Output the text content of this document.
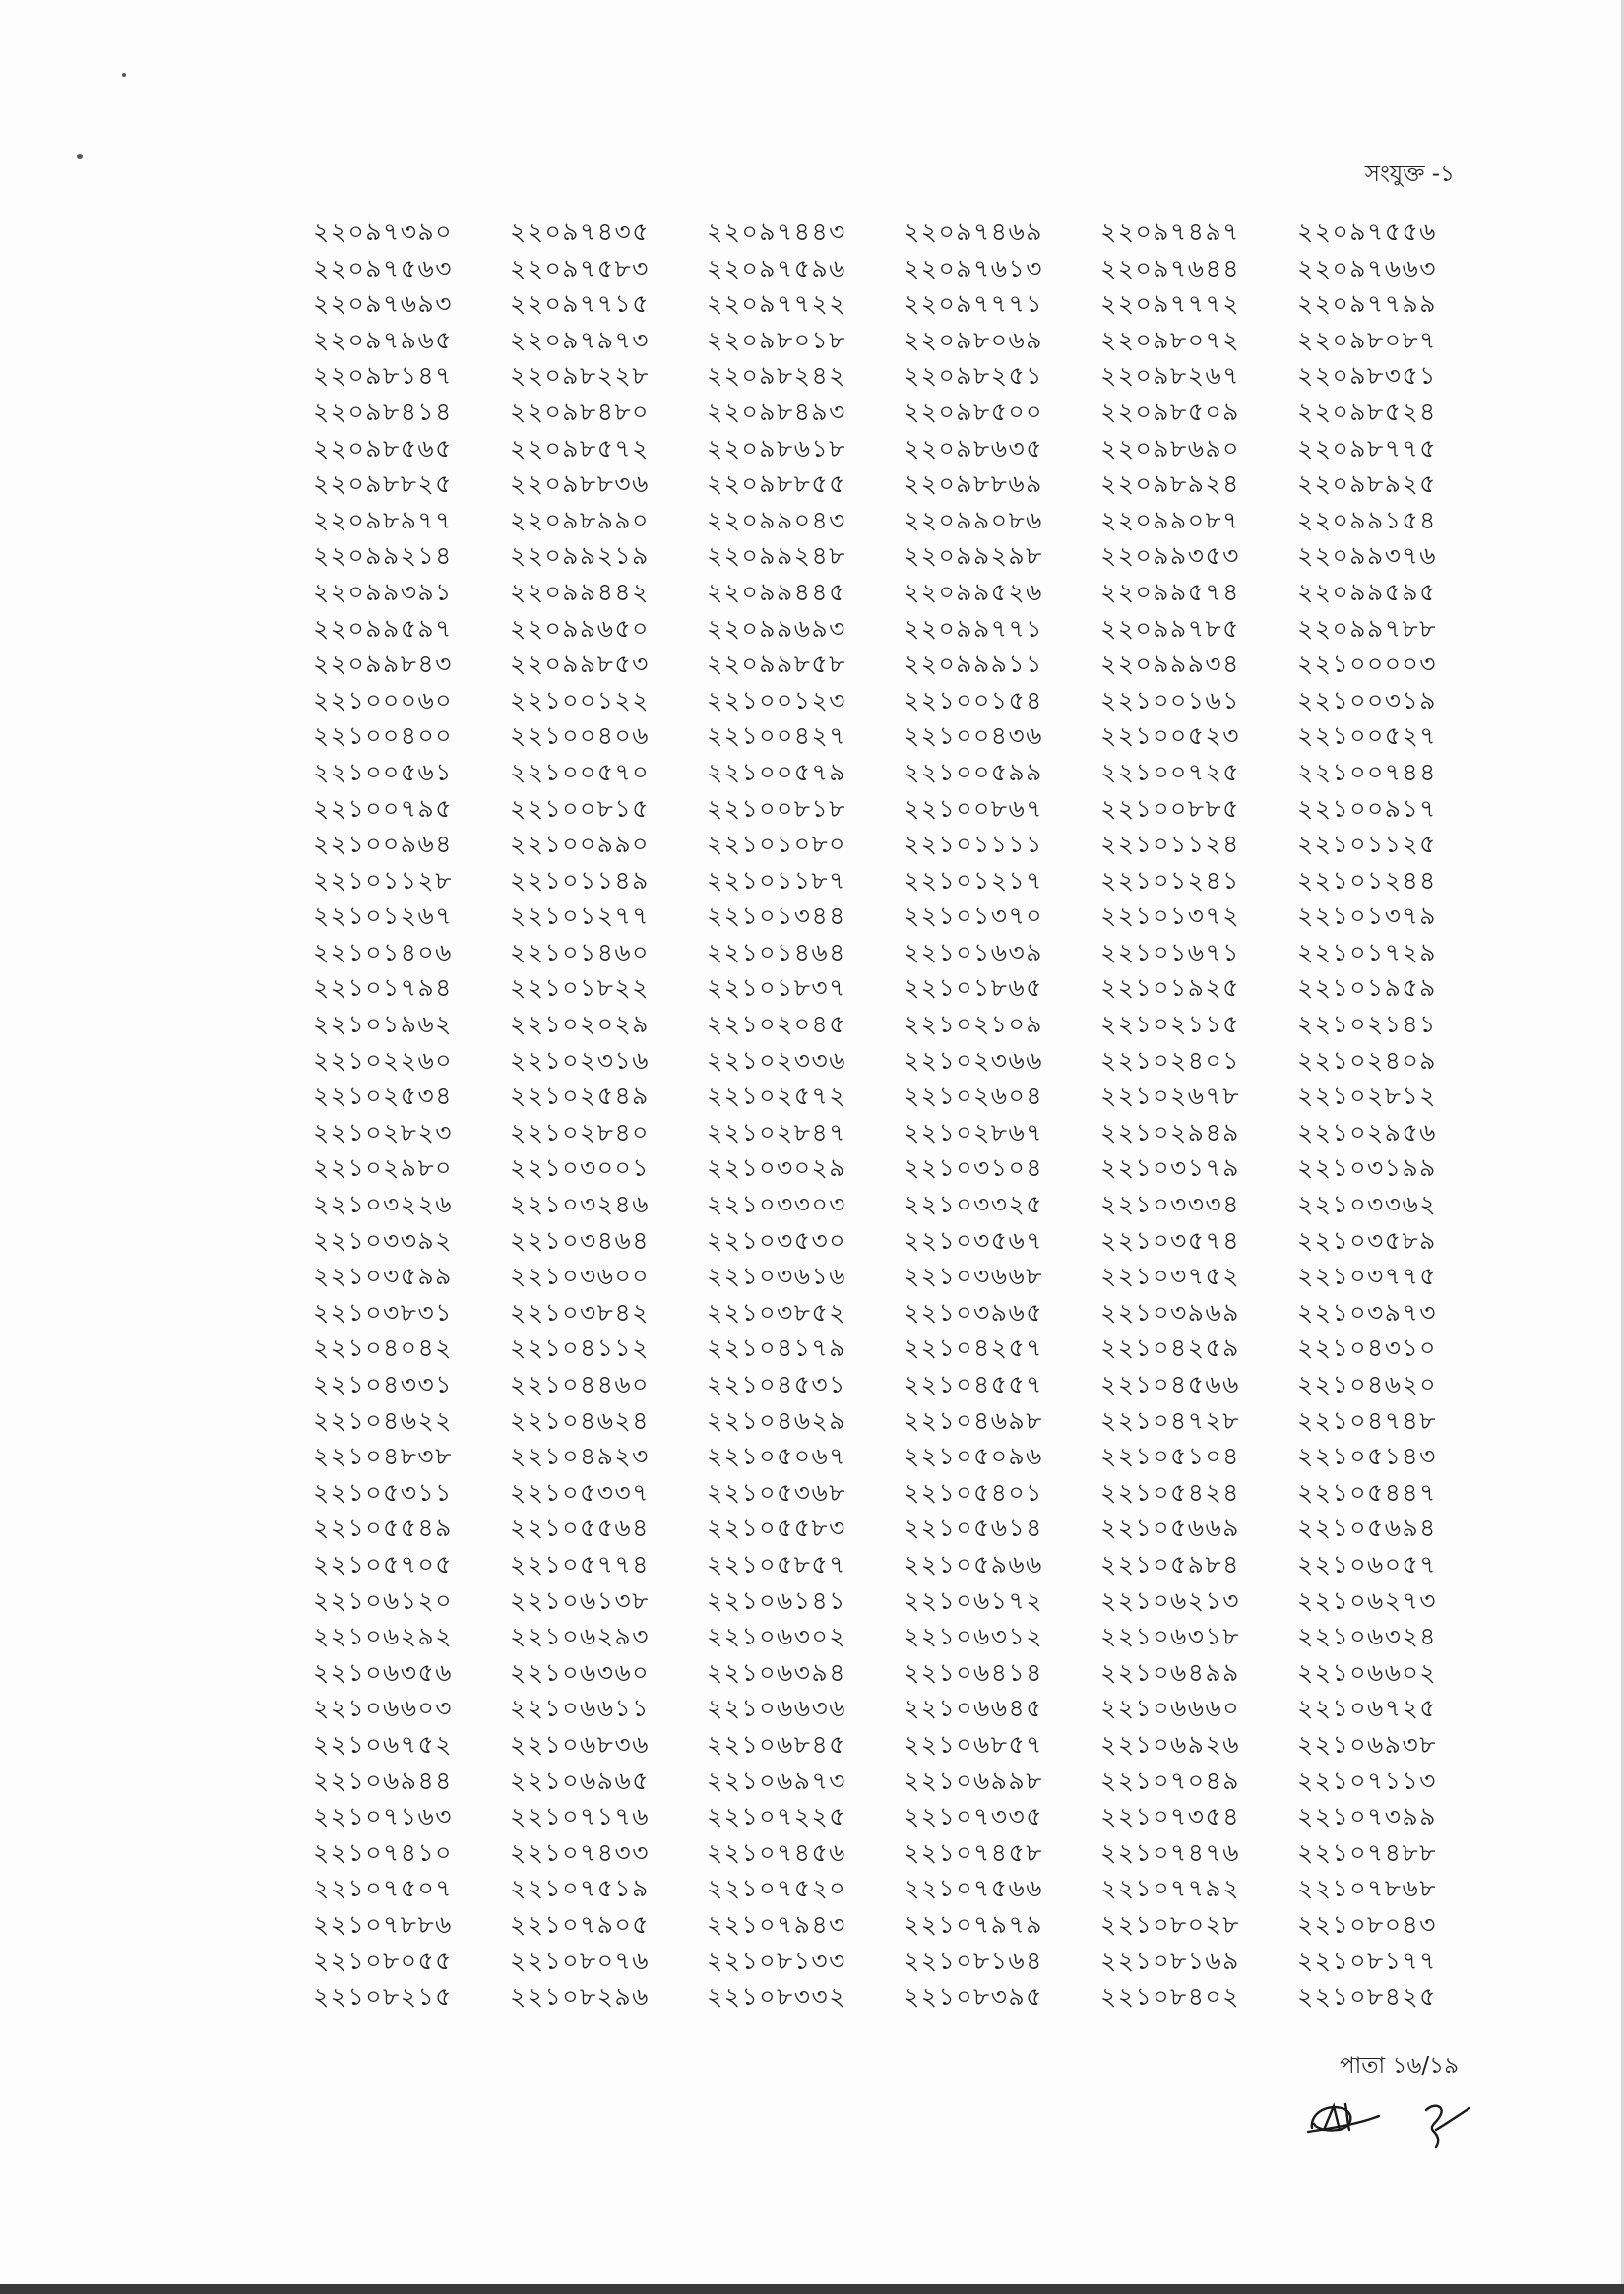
সংযুক্ত -১
২২০৯৭৩৯০	২২০৯৭৪৩৫	২২০৯৭৪৪৩	২২০৯৭৪৬৯	২২০৯৭৪৯৭	২২০৯৭৫৫৬
২২০৯৭৫৬৩	২২০৯৭৫৮৩	২২০৯৭৫৯৬	২২০৯৭৬১৩	২২০৯৭৬৪৪	২২০৯৭৬৬৩
২২০৯৭৬৯৩	২২০৯৭৭১৫	২২০৯৭৭২২	২২০৯৭৭৭১	২২০৯৭৭৭২	২২০৯৭৭৯৯
২২০৯৭৯৬৫	২২০৯৭৯৭৩	২২০৯৮০১৮	২২০৯৮০৬৯	২২০৯৮০৭২	২২০৯৮০৮৭
২২০৯৮১৪৭	২২০৯৮২২৮	২২০৯৮২৪২	২২০৯৮২৫১	২২০৯৮২৬৭	২২০৯৮৩৫১
২২০৯৮৪১৪	২২০৯৮৪৮০	২২০৯৮৪৯৩	২২০৯৮৫০০	২২০৯৮৫০৯	২২০৯৮৫২৪
২২০৯৮৫৬৫	২২০৯৮৫৭২	২২০৯৮৬১৮	২২০৯৮৬৩৫	২২০৯৮৬৯০	২২০৯৮৭৭৫
২২০৯৮৮২৫	২২০৯৮৮৩৬	২২০৯৮৮৫৫	২২০৯৮৮৬৯	২২০৯৮৯২৪	২২০৯৮৯২৫
২২০৯৮৯৭৭	২২০৯৮৯৯০	২২০৯৯০৪৩	২২০৯৯০৮৬	২২০৯৯০৮৭	২২০৯৯১৫৪
২২০৯৯২১৪	২২০৯৯২১৯	২২০৯৯২৪৮	২২০৯৯২৯৮	২২০৯৯৩৫৩	২২০৯৯৩৭৬
২২০৯৯৩৯১	২২০৯৯৪৪২	২২০৯৯৪৪৫	২২০৯৯৫২৬	২২০৯৯৫৭৪	২২০৯৯৫৯৫
২২০৯৯৫৯৭	২২০৯৯৬৫০	২২০৯৯৬৯৩	২২০৯৯৭৭১	২২০৯৯৭৮৫	২২০৯৯৭৮৮
২২০৯৯৮৪৩	২২০৯৯৮৫৩	২২০৯৯৮৫৮	২২০৯৯৯১১	২২০৯৯৯৩৪	২২১০০০০৩
২২১০০০৬০	২২১০০১২২	২২১০০১২৩	২২১০০১৫৪	২২১০০১৬১	২২১০০৩১৯
২২১০০৪০০	২২১০০৪০৬	২২১০০৪২৭	২২১০০৪৩৬	২২১০০৫২৩	২২১০০৫২৭
২২১০০৫৬১	২২১০০৫৭০	২২১০০৫৭৯	২২১০০৫৯৯	২২১০০৭২৫	২২১০০৭৪৪
২২১০০৭৯৫	২২১০০৮১৫	২২১০০৮১৮	২২১০০৮৬৭	২২১০০৮৮৫	২২১০০৯১৭
২২১০০৯৬৪	২২১০০৯৯০	২২১০১০৮০	২২১০১১১১	২২১০১১২৪	২২১০১১২৫
২২১০১১২৮	২২১০১১৪৯	২২১০১১৮৭	২২১০১২১৭	২২১০১২৪১	২২১০১২৪৪
২২১০১২৬৭	২২১০১২৭৭	২২১০১৩৪৪	২২১০১৩৭০	২২১০১৩৭২	২২১০১৩৭৯
২২১০১৪০৬	২২১০১৪৬০	২২১০১৪৬৪	২২১০১৬৩৯	২২১০১৬৭১	২২১০১৭২৯
২২১০১৭৯৪	২২১০১৮২২	২২১০১৮৩৭	২২১০১৮৬৫	২২১০১৯২৫	২২১০১৯৫৯
২২১০১৯৬২	২২১০২০২৯	২২১০২০৪৫	২২১০২১০৯	২২১০২১১৫	২২১০২১৪১
২২১০২২৬০	২২১০২৩১৬	২২১০২৩৩৬	২২১০২৩৬৬	২২১০২৪০১	২২১০২৪০৯
২২১০২৫৩৪	২২১০২৫৪৯	২২১০২৫৭২	২২১০২৬০৪	২২১০২৬৭৮	২২১০২৮১২
২২১০২৮২৩	২২১০২৮৪০	২২১০২৮৪৭	২২১০২৮৬৭	২২১০২৯৪৯	২২১০২৯৫৬
২২১০২৯৮০	২২১০৩০০১	২২১০৩০২৯	২২১০৩১০৪	২২১০৩১৭৯	২২১০৩১৯৯
২২১০৩২২৬	২২১০৩২৪৬	২২১০৩৩০৩	২২১০৩৩২৫	২২১০৩৩৩৪	২২১০৩৩৬২
২২১০৩৩৯২	২২১০৩৪৬৪	২২১০৩৫৩০	২২১০৩৫৬৭	২২১০৩৫৭৪	২২১০৩৫৮৯
২২১০৩৫৯৯	২২১০৩৬০০	২২১০৩৬১৬	২২১০৩৬৬৮	২২১০৩৭৫২	২২১০৩৭৭৫
২২১০৩৮৩১	২২১০৩৮৪২	২২১০৩৮৫২	২২১০৩৯৬৫	২২১০৩৯৬৯	২২১০৩৯৭৩
২২১০৪০৪২	২২১০৪১১২	২২১০৪১৭৯	২২১০৪২৫৭	২২১০৪২৫৯	২২১০৪৩১০
২২১০৪৩৩১	২২১০৪৪৬০	২২১০৪৫৩১	২২১০৪৫৫৭	২২১০৪৫৬৬	২২১০৪৬২০
২২১০৪৬২২	২২১০৪৬২৪	২২১০৪৬২৯	২২১০৪৬৯৮	২২১০৪৭২৮	২২১০৪৭৪৮
২২১০৪৮৩৮	২২১০৪৯২৩	২২১০৫০৬৭	২২১০৫০৯৬	২২১০৫১০৪	২২১০৫১৪৩
২২১০৫৩১১	২২১০৫৩৩৭	২২১০৫৩৬৮	২২১০৫৪০১	২২১০৫৪২৪	২২১০৫৪৪৭
২২১০৫৫৪৯	২২১০৫৫৬৪	২২১০৫৫৮৩	২২১০৫৬১৪	২২১০৫৬৬৯	২২১০৫৬৯৪
২২১০৫৭০৫	২২১০৫৭৭৪	২২১০৫৮৫৭	২২১০৫৯৬৬	২২১০৫৯৮৪	২২১০৬০৫৭
২২১০৬১২০	২২১০৬১৩৮	২২১০৬১৪১	২২১০৬১৭২	২২১০৬২১৩	২২১০৬২৭৩
২২১০৬২৯২	২২১০৬২৯৩	২২১০৬৩০২	২২১০৬৩১২	২২১০৬৩১৮	২২১০৬৩২৪
২২১০৬৩৫৬	২২১০৬৩৬০	২২১০৬৩৯৪	২২১০৬৪১৪	২২১০৬৪৯৯	২২১০৬৬০২
২২১০৬৬০৩	২২১০৬৬১১	২২১০৬৬৩৬	২২১০৬৬৪৫	২২১০৬৬৬০	২২১০৬৭২৫
২২১০৬৭৫২	২২১০৬৮৩৬	২২১০৬৮৪৫	২২১০৬৮৫৭	২২১০৬৯২৬	২২১০৬৯৩৮
২২১০৬৯৪৪	২২১০৬৯৬৫	২২১০৬৯৭৩	২২১০৬৯৯৮	২২১০৭০৪৯	২২১০৭১১৩
২২১০৭১৬৩	২২১০৭১৭৬	২২১০৭২২৫	২২১০৭৩৩৫	২২১০৭৩৫৪	২২১০৭৩৯৯
২২১০৭৪১০	২২১০৭৪৩৩	২২১০৭৪৫৬	২২১০৭৪৫৮	২২১০৭৪৭৬	২২১০৭৪৮৮
২২১০৭৫০৭	২২১০৭৫১৯	২২১০৭৫২০	২২১০৭৫৬৬	২২১০৭৭৯২	২২১০৭৮৬৮
২২১০৭৮৮৬	২২১০৭৯০৫	২২১০৭৯৪৩	২২১০৭৯৭৯	২২১০৮০২৮	২২১০৮০৪৩
২২১০৮০৫৫	২২১০৮০৭৬	২২১০৮১৩৩	২২১০৮১৬৪	২২১০৮১৬৯	২২১০৮১৭৭
২২১০৮২১৫	২২১০৮২৯৬	২২১০৮৩৩২	২২১০৮৩৯৫	২২১০৮৪০২	২২১০৮৪২৫
পাতা ১৬/১৯
